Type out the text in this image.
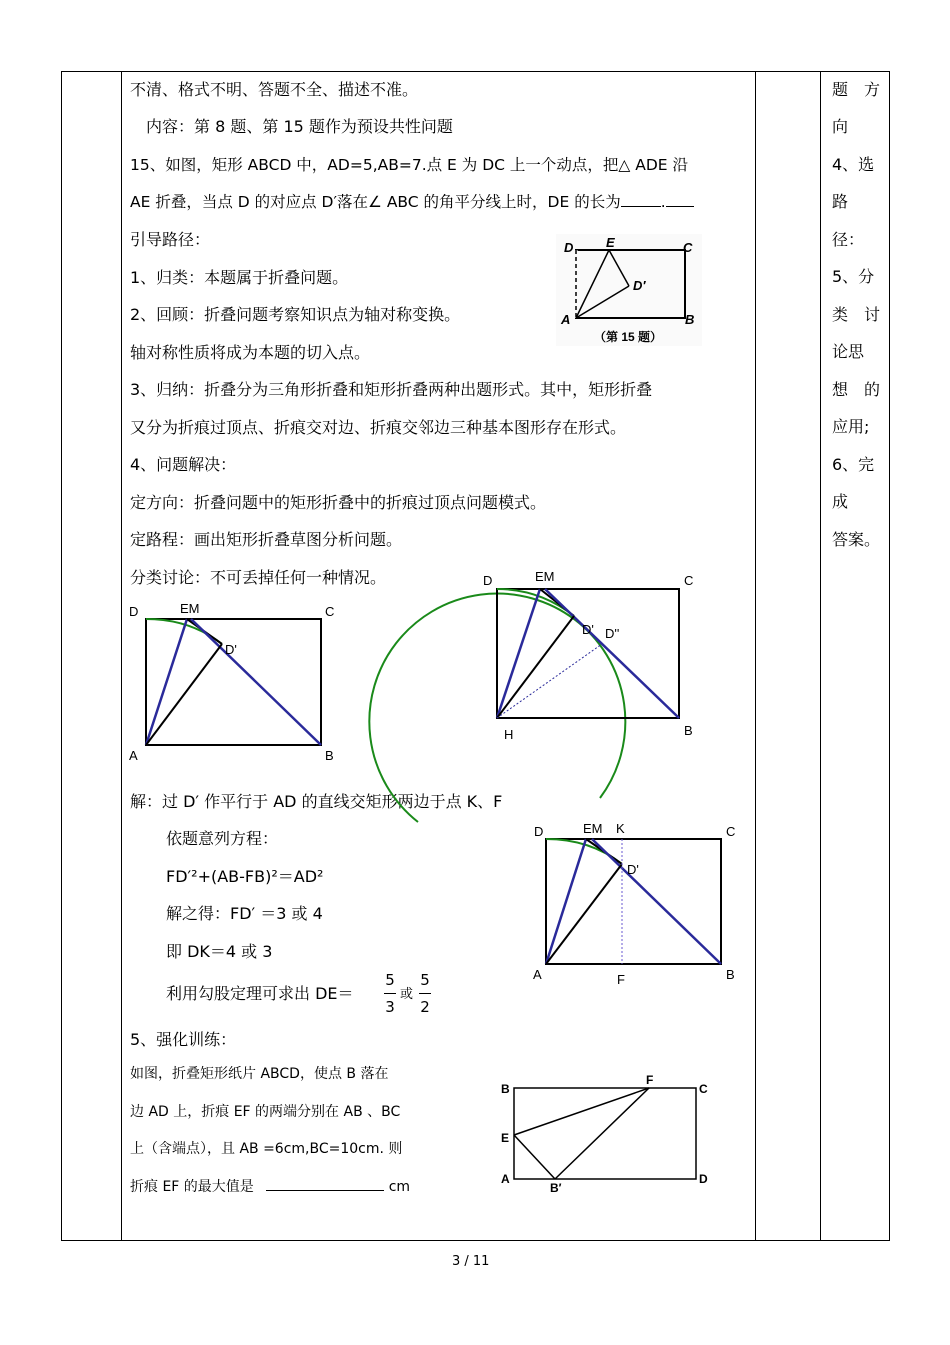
不清、格式不明、答题不全、描述不准。
内容：第 8 题、第 15 题作为预设共性问题
15、如图，矩形 ABCD 中，AD=5,AB=7.点 E 为 DC 上一个动点，把△ ADE 沿
AE 折叠，当点 D 的对应点 D′落在∠ ABC 的角平分线上时，DE 的长为	.
引导路径：
1、归类：本题属于折叠问题。
2、回顾：折叠问题考察知识点为轴对称变换。
轴对称性质将成为本题的切入点。
3、归纳：折叠分为三角形折叠和矩形折叠两种出题形式。其中，矩形折叠
又分为折痕过顶点、折痕交对边、折痕交邻边三种基本图形存在形式。
4、问题解决：
定方向：折叠问题中的矩形折叠中的折痕过顶点问题模式。
定路程：画出矩形折叠草图分析问题。
分类讨论：不可丢掉任何一种情况。
解：过 D′ 作平行于 AD 的直线交矩形两边于点 K、F
依题意列方程：
FD′²+(AB-FB)²＝AD²
解之得：FD′ ＝3 或 4
即 DK＝4 或 3
利用勾股定理可求出 DE＝
5
3
或
5
2
5、强化训练：
如图，折叠矩形纸片 ABCD，使点 B 落在
边 AD 上，折痕 EF 的两端分别在 AB 、BC
上（含端点），且 AB =6cm,BC=10cm. 则
折痕 EF 的最大值是	cm
题　方
向
4、选
路
径：
5、分
类　讨
论思
想　的
应用;
6、完
成
答案。
D	E	C
D′
A	B
（第 15 题）
D	EM	C
D'
A	B
D	EM	C
D' D''
H	B
D	EM K	C
D'
A	F	B
B
F
C
E
A
B′
D
3 / 11
